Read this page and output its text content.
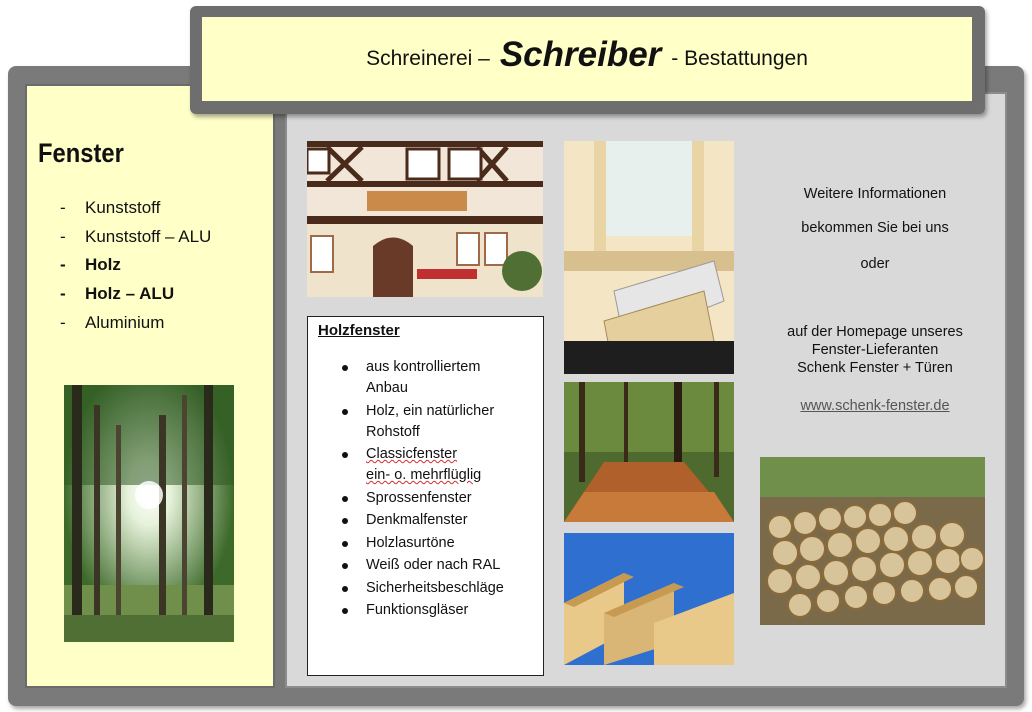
Schreinerei – Schreiber - Bestattungen
Fenster
- Kunststoff
- Kunststoff – ALU
- Holz
- Holz – ALU
- Aluminium	Holzfenster
aus kontrolliertem
Anbau
Holz, ein natürlicher
Rohstoff
Classicfenster
ein- o. mehrflüglig
Sprossenfenster
Denkmalfenster
Holzlasurtöne
Weiß oder nach RAL
Sicherheitsbeschläge
Funktionsgläser
Weitere Informationen
bekommen Sie bei uns
oder
auf der Homepage unseres
Fenster-Lieferanten
Schenk Fenster + Türen
www.schenk-fenster.de
